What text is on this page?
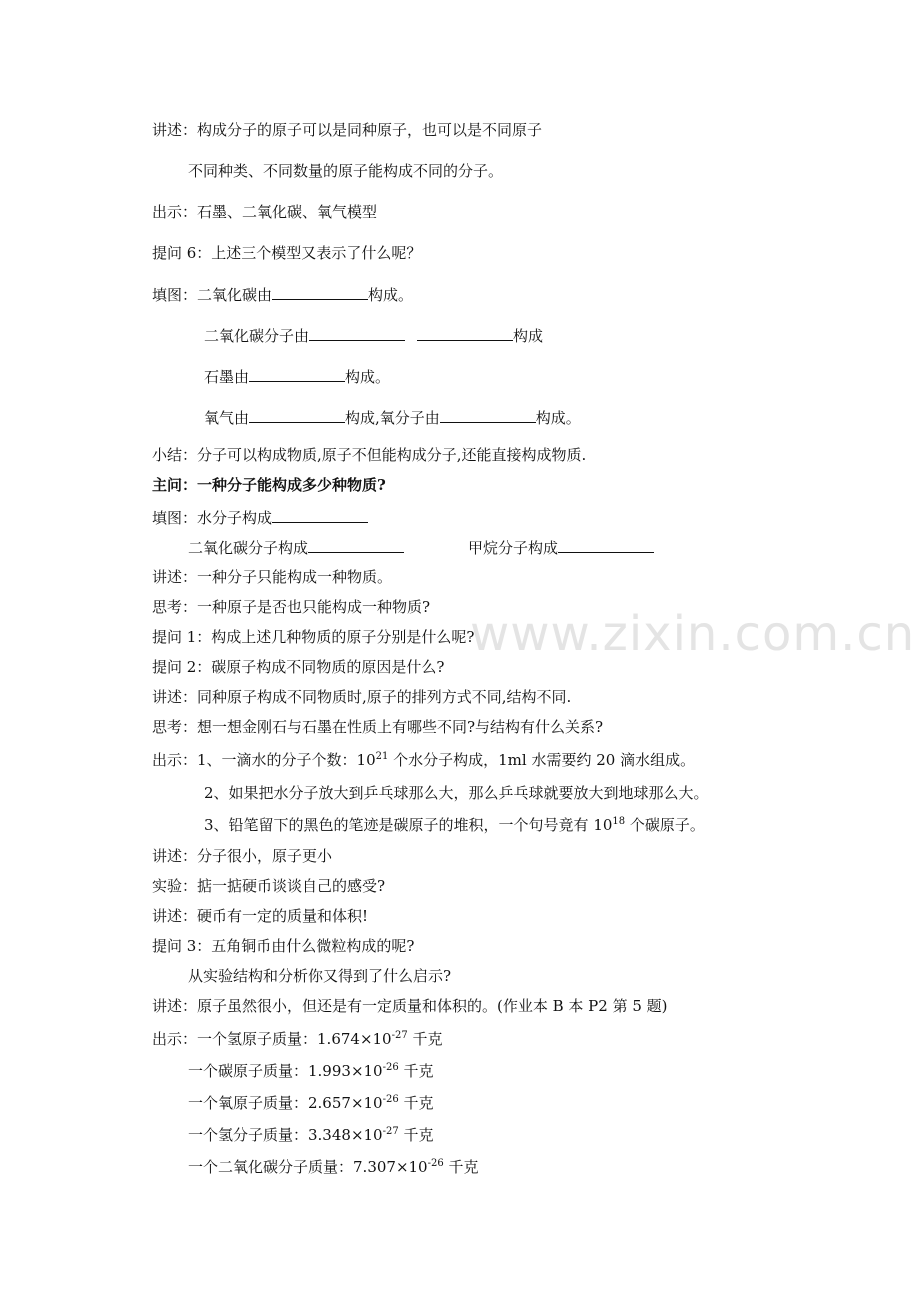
www.zixin.com.cn
讲述：构成分子的原子可以是同种原子，也可以是不同原子
不同种类、不同数量的原子能构成不同的分子。
出示：石墨、二氧化碳、氧气模型
提问 6：上述三个模型又表示了什么呢？
填图：二氧化碳由	构成。
二氧化碳分子由	构成
石墨由	构成。
氧气由	构成,氧分子由	构成。
小结：分子可以构成物质,原子不但能构成分子,还能直接构成物质.
主问：一种分子能构成多少种物质?
填图：水分子构成
二氧化碳分子构成	甲烷分子构成
讲述：一种分子只能构成一种物质。
思考：一种原子是否也只能构成一种物质?
提问 1：构成上述几种物质的原子分别是什么呢?
提问 2：碳原子构成不同物质的原因是什么?
讲述：同种原子构成不同物质时,原子的排列方式不同,结构不同.
思考：想一想金刚石与石墨在性质上有哪些不同?与结构有什么关系?
出示：1、一滴水的分子个数：$10^{21}$ 个水分子构成，1ml 水需要约 20 滴水组成。
2、如果把水分子放大到乒乓球那么大，那么乒乓球就要放大到地球那么大。
3、铅笔留下的黑色的笔迹是碳原子的堆积，一个句号竟有 $10^{18}$ 个碳原子。
讲述：分子很小，原子更小
实验：掂一掂硬币谈谈自己的感受?
讲述：硬币有一定的质量和体积!
提问 3：五角铜币由什么微粒构成的呢?
从实验结构和分析你又得到了什么启示?
讲述：原子虽然很小，但还是有一定质量和体积的。(作业本 B 本 P2 第 5 题)
出示：一个氢原子质量：$1.674\times 10^{-27}$ 千克
一个碳原子质量：$1.993\times 10^{-26}$ 千克
一个氧原子质量：$2.657\times 10^{-26}$ 千克
一个氢分子质量：$3.348\times 10^{-27}$ 千克
一个二氧化碳分子质量：$7.307\times 10^{-26}$ 千克
